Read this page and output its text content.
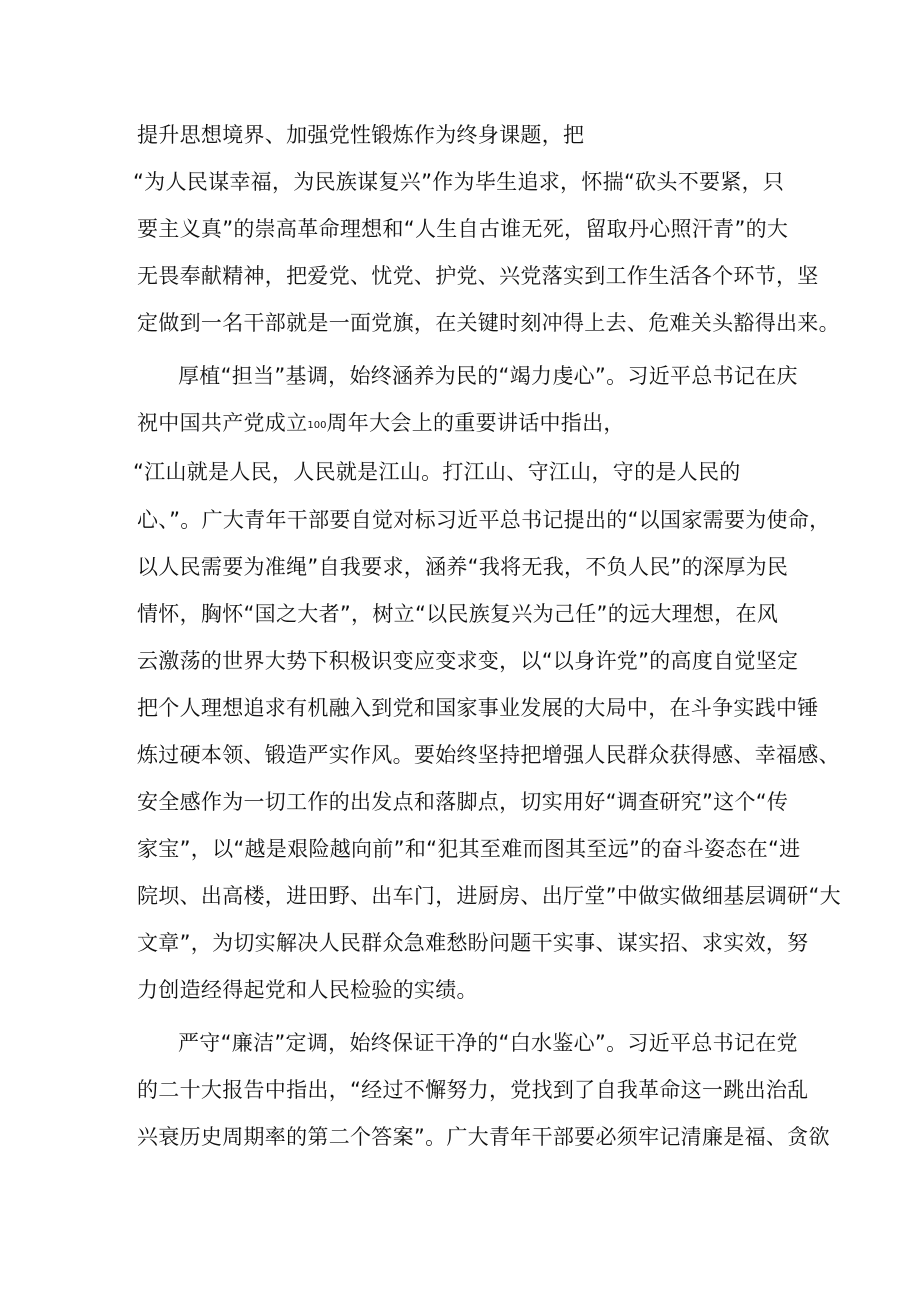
提升思想境界、加强党性锻炼作为终身课题，把
“为人民谋幸福，为民族谋复兴”作为毕生追求，怀揣“砍头不要紧，只
要主义真”的崇高革命理想和“人生自古谁无死，留取丹心照汗青”的大
无畏奉献精神，把爱党、忧党、护党、兴党落实到工作生活各个环节，坚
定做到一名干部就是一面党旗，在关键时刻冲得上去、危难关头豁得出来。
厚植“担当”基调，始终涵养为民的“竭力虔心”。习近平总书记在庆
祝中国共产党成立100周年大会上的重要讲话中指出，
“江山就是人民，人民就是江山。打江山、守江山，守的是人民的
心、”。广大青年干部要自觉对标习近平总书记提出的“以国家需要为使命，
以人民需要为准绳”自我要求，涵养“我将无我，不负人民”的深厚为民
情怀，胸怀“国之大者”，树立“以民族复兴为己任”的远大理想，在风
云激荡的世界大势下积极识变应变求变，以“以身许党”的高度自觉坚定
把个人理想追求有机融入到党和国家事业发展的大局中，在斗争实践中锤
炼过硬本领、锻造严实作风。要始终坚持把增强人民群众获得感、幸福感、
安全感作为一切工作的出发点和落脚点，切实用好“调查研究”这个“传
家宝”，以“越是艰险越向前”和“犯其至难而图其至远”的奋斗姿态在“进
院坝、出高楼，进田野、出车门，进厨房、出厅堂”中做实做细基层调研“大
文章”，为切实解决人民群众急难愁盼问题干实事、谋实招、求实效，努
力创造经得起党和人民检验的实绩。
严守“廉洁”定调，始终保证干净的“白水鉴心”。习近平总书记在党
的二十大报告中指出，“经过不懈努力，党找到了自我革命这一跳出治乱
兴衰历史周期率的第二个答案”。广大青年干部要必须牢记清廉是福、贪欲
